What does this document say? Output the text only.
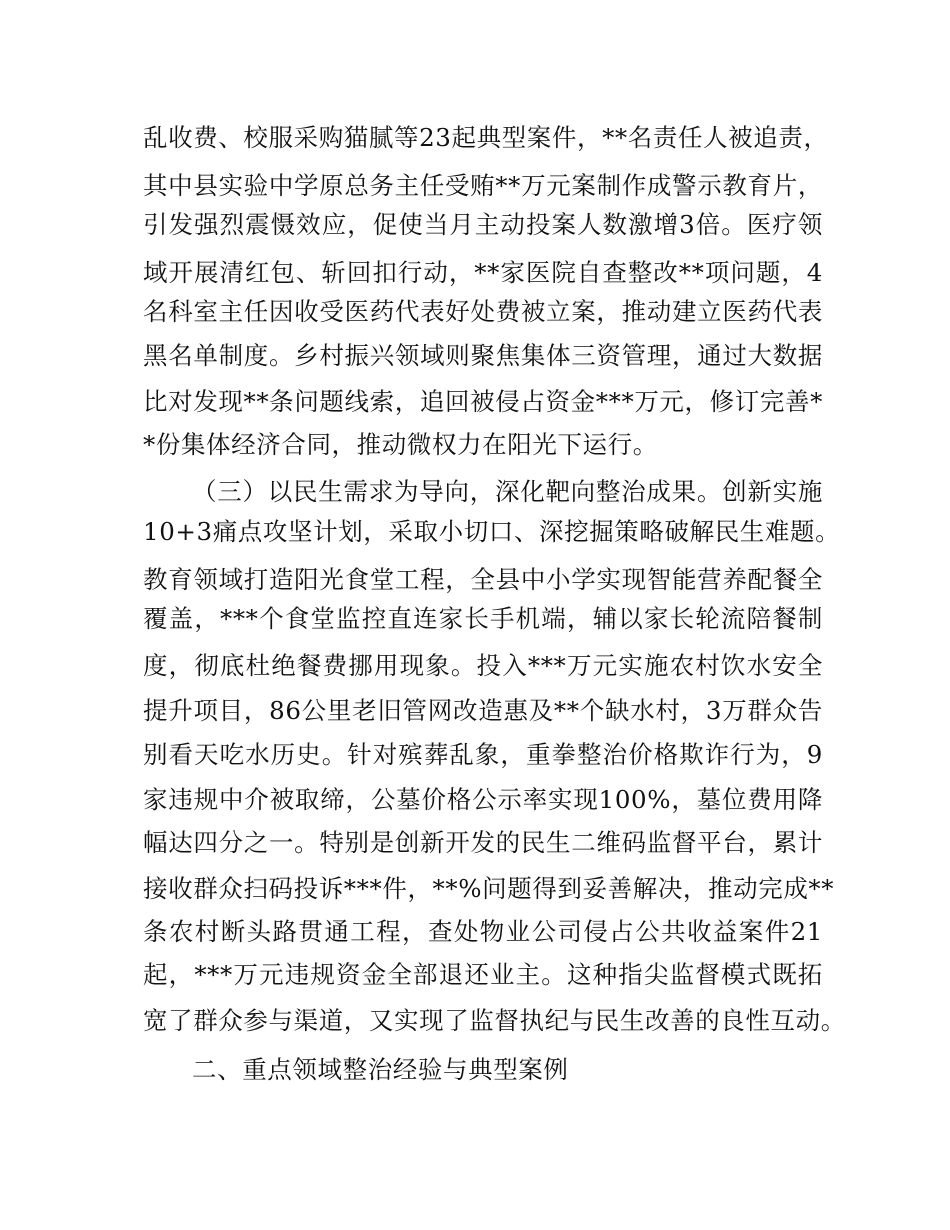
乱收费、校服采购猫腻等23起典型案件，**名责任人被追责，
其中县实验中学原总务主任受贿**万元案制作成警示教育片，
引发强烈震慑效应，促使当月主动投案人数激增3倍。医疗领
域开展清红包、斩回扣行动，**家医院自查整改**项问题，4
名科室主任因收受医药代表好处费被立案，推动建立医药代表
黑名单制度。乡村振兴领域则聚焦集体三资管理，通过大数据
比对发现**条问题线索，追回被侵占资金***万元，修订完善*
*份集体经济合同，推动微权力在阳光下运行。
（三）以民生需求为导向，深化靶向整治成果。创新实施
10+3痛点攻坚计划，采取小切口、深挖掘策略破解民生难题。
教育领域打造阳光食堂工程，全县中小学实现智能营养配餐全
覆盖，***个食堂监控直连家长手机端，辅以家长轮流陪餐制
度，彻底杜绝餐费挪用现象。投入***万元实施农村饮水安全
提升项目，86公里老旧管网改造惠及**个缺水村，3万群众告
别看天吃水历史。针对殡葬乱象，重拳整治价格欺诈行为，9
家违规中介被取缔，公墓价格公示率实现100%，墓位费用降
幅达四分之一。特别是创新开发的民生二维码监督平台，累计
接收群众扫码投诉***件，**%问题得到妥善解决，推动完成**
条农村断头路贯通工程，查处物业公司侵占公共收益案件21
起，***万元违规资金全部退还业主。这种指尖监督模式既拓
宽了群众参与渠道，又实现了监督执纪与民生改善的良性互动。
二、重点领域整治经验与典型案例
